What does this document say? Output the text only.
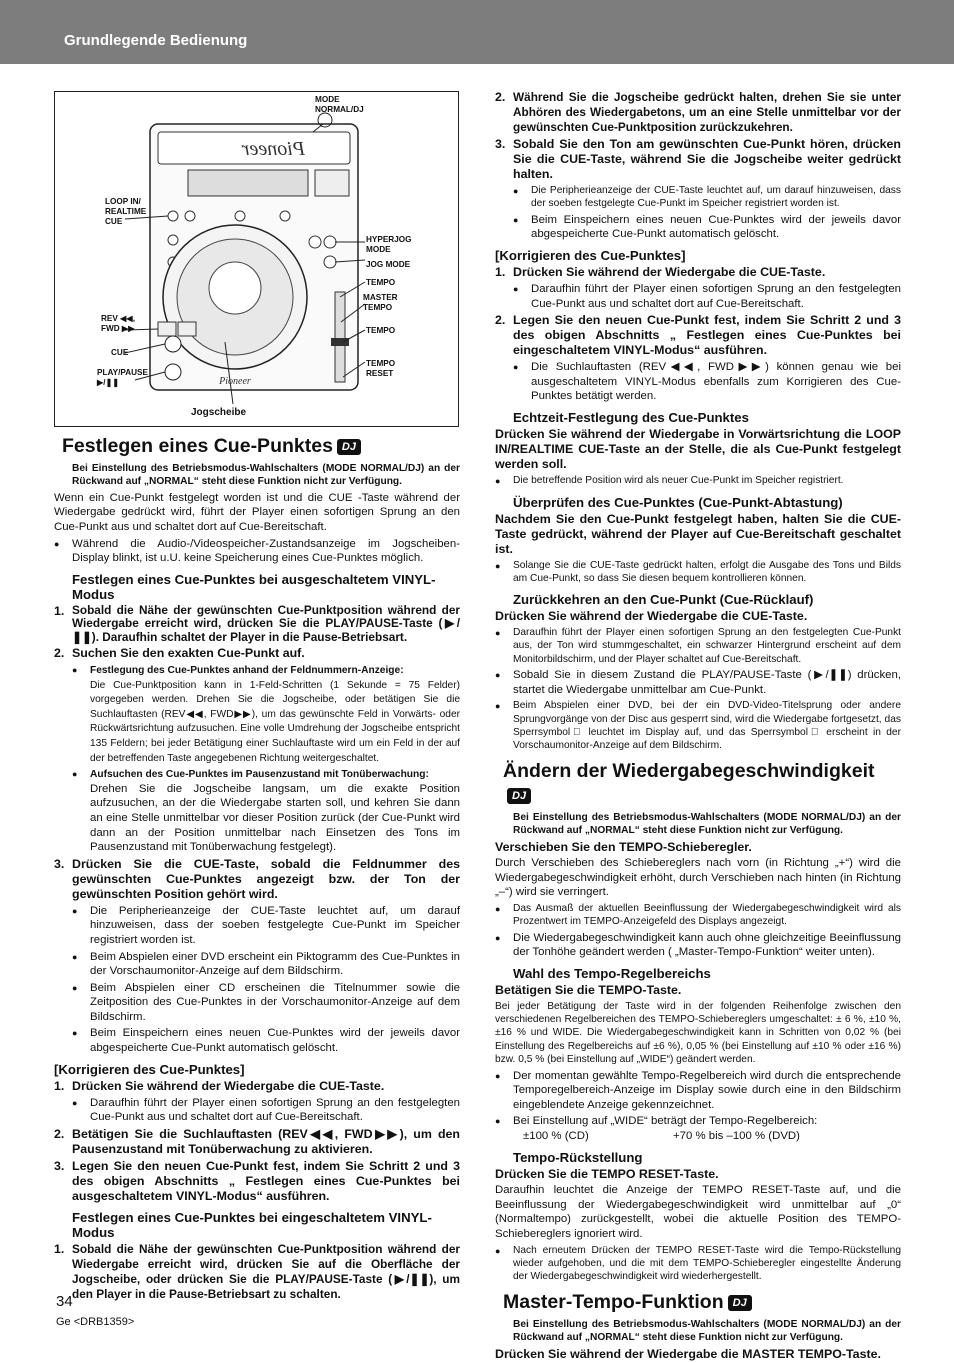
Grundlegende Bedienung
Pioneer
Pioneer
MODE
NORMAL/DJ
LOOP IN/
REALTIME
CUE
HYPERJOG
MODE
JOG MODE
TEMPO
MASTER
TEMPO
TEMPO
TEMPO
RESET
REV ◀◀,
FWD ▶▶
CUE
PLAY/PAUSE
▶/❚❚
Jogscheibe
Festlegen eines Cue-Punktes DJ
Bei Einstellung des Betriebsmodus-Wahlschalters (MODE NORMAL/DJ) an der Rückwand auf „NORMAL“ steht diese Funktion nicht zur Verfügung.
Wenn ein Cue-Punkt festgelegt worden ist und die CUE -Taste während der Wiedergabe gedrückt wird, führt der Player einen sofortigen Sprung an den Cue-Punkt aus und schaltet dort auf Cue-Bereitschaft.
●	Während die Audio-/Videospeicher-Zustandsanzeige im Jogscheiben-Display blinkt, ist u.U. keine Speicherung eines Cue-Punktes möglich.
Festlegen eines Cue-Punktes bei ausgeschaltetem VINYL-Modus
1. Sobald die Nähe der gewünschten Cue-Punktposition während der Wiedergabe erreicht wird, drücken Sie die PLAY/PAUSE-Taste (▶/❚❚). Daraufhin schaltet der Player in die Pause-Betriebsart.
2. Suchen Sie den exakten Cue-Punkt auf.
●	Festlegung des Cue-Punktes anhand der Feldnummern-Anzeige:
Die Cue-Punktposition kann in 1-Feld-Schritten (1 Sekunde = 75 Felder) vorgegeben werden. Drehen Sie die Jogscheibe, oder betätigen Sie die Suchlauftasten (REV◀◀, FWD▶▶), um das gewünschte Feld in Vorwärts- oder Rückwärtsrichtung aufzusuchen. Eine volle Umdrehung der Jogscheibe entspricht 135 Feldern; bei jeder Betätigung einer Suchlauftaste wird um ein Feld in der auf der betreffenden Taste angegebenen Richtung weitergeschaltet.
●	Aufsuchen des Cue-Punktes im Pausenzustand mit Tonüberwachung:
Drehen Sie die Jogscheibe langsam, um die exakte Position aufzusuchen, an der die Wiedergabe starten soll, und kehren Sie dann an eine Stelle unmittelbar vor dieser Position zurück (der Cue-Punkt wird dann an der Position unmittelbar nach Einsetzen des Tons im Pausenzustand mit Tonüberwachung festgelegt).
3. Drücken Sie die CUE-Taste, sobald die Feldnummer des gewünschten Cue-Punktes angezeigt bzw. der Ton der gewünschten Position gehört wird.
●	Die Peripherieanzeige der CUE-Taste leuchtet auf, um darauf hinzuweisen, dass der soeben festgelegte Cue-Punkt im Speicher registriert worden ist.
●	Beim Abspielen einer DVD erscheint ein Piktogramm des Cue-Punktes in der Vorschaumonitor-Anzeige auf dem Bildschirm.
●	Beim Abspielen einer CD erscheinen die Titelnummer sowie die Zeitposition des Cue-Punktes in der Vorschaumonitor-Anzeige auf dem Bildschirm.
●	Beim Einspeichern eines neuen Cue-Punktes wird der jeweils davor abgespeicherte Cue-Punkt automatisch gelöscht.
[Korrigieren des Cue-Punktes]
1. Drücken Sie während der Wiedergabe die CUE-Taste.
●	Daraufhin führt der Player einen sofortigen Sprung an den festgelegten Cue-Punkt aus und schaltet dort auf Cue-Bereitschaft.
2. Betätigen Sie die Suchlauftasten (REV◀◀, FWD▶▶), um den Pausenzustand mit Tonüberwachung zu aktivieren.
3. Legen Sie den neuen Cue-Punkt fest, indem Sie Schritt 2 und 3 des obigen Abschnitts „ Festlegen eines Cue-Punktes bei ausgeschaltetem VINYL-Modus“ ausführen.
Festlegen eines Cue-Punktes bei eingeschaltetem VINYL-Modus
1. Sobald die Nähe der gewünschten Cue-Punktposition während der Wiedergabe erreicht wird, drücken Sie auf die Oberfläche der Jogscheibe, oder drücken Sie die PLAY/PAUSE-Taste (▶/❚❚), um den Player in die Pause-Betriebsart zu schalten.
2. Während Sie die Jogscheibe gedrückt halten, drehen Sie sie unter Abhören des Wiedergabetons, um an eine Stelle unmittelbar vor der gewünschten Cue-Punktposition zurückzukehren.
3. Sobald Sie den Ton am gewünschten Cue-Punkt hören, drücken Sie die CUE-Taste, während Sie die Jogscheibe weiter gedrückt halten.
●	Die Peripherieanzeige der CUE-Taste leuchtet auf, um darauf hinzuweisen, dass der soeben festgelegte Cue-Punkt im Speicher registriert worden ist.
●	Beim Einspeichern eines neuen Cue-Punktes wird der jeweils davor abgespeicherte Cue-Punkt automatisch gelöscht.
[Korrigieren des Cue-Punktes]
1. Drücken Sie während der Wiedergabe die CUE-Taste.
●	Daraufhin führt der Player einen sofortigen Sprung an den festgelegten Cue-Punkt aus und schaltet dort auf Cue-Bereitschaft.
2. Legen Sie den neuen Cue-Punkt fest, indem Sie Schritt 2 und 3 des obigen Abschnitts „ Festlegen eines Cue-Punktes bei eingeschaltetem VINYL-Modus“ ausführen.
●	Die Suchlauftasten (REV◀◀, FWD▶▶) können genau wie bei ausgeschaltetem VINYL-Modus ebenfalls zum Korrigieren des Cue-Punktes betätigt werden.
Echtzeit-Festlegung des Cue-Punktes
Drücken Sie während der Wiedergabe in Vorwärtsrichtung die LOOP IN/REALTIME CUE-Taste an der Stelle, die als Cue-Punkt festgelegt werden soll.
●	Die betreffende Position wird als neuer Cue-Punkt im Speicher registriert.
Überprüfen des Cue-Punktes (Cue-Punkt-Abtastung)
Nachdem Sie den Cue-Punkt festgelegt haben, halten Sie die CUE-Taste gedrückt, während der Player auf Cue-Bereitschaft geschaltet ist.
●	Solange Sie die CUE-Taste gedrückt halten, erfolgt die Ausgabe des Tons und Bilds am Cue-Punkt, so dass Sie diesen bequem kontrollieren können.
Zurückkehren an den Cue-Punkt (Cue-Rücklauf)
Drücken Sie während der Wiedergabe die CUE-Taste.
●	Daraufhin führt der Player einen sofortigen Sprung an den festgelegten Cue-Punkt aus, der Ton wird stummgeschaltet, ein schwarzer Hintergrund erscheint auf dem Monitorbildschirm, und der Player schaltet auf Cue-Bereitschaft.
●	Sobald Sie in diesem Zustand die PLAY/PAUSE-Taste (▶/❚❚) drücken, startet die Wiedergabe unmittelbar am Cue-Punkt.
●	Beim Abspielen einer DVD, bei der ein DVD-Video-Titelsprung oder andere Sprungvorgänge von der Disc aus gesperrt sind, wird die Wiedergabe fortgesetzt, das Sperrsymbol ⃠ leuchtet im Display auf, und das Sperrsymbol ⃠ erscheint in der Vorschaumonitor-Anzeige auf dem Bildschirm.
Ändern der WiedergabegeschwindigkeitDJ
Bei Einstellung des Betriebsmodus-Wahlschalters (MODE NORMAL/DJ) an der Rückwand auf „NORMAL“ steht diese Funktion nicht zur Verfügung.
Verschieben Sie den TEMPO-Schieberegler.
Durch Verschieben des Schiebereglers nach vorn (in Richtung „+“) wird die Wiedergabegeschwindigkeit erhöht, durch Verschieben nach hinten (in Richtung „–“) wird sie verringert.
●	Das Ausmaß der aktuellen Beeinflussung der Wiedergabegeschwindigkeit wird als Prozentwert im TEMPO-Anzeigefeld des Displays angezeigt.
●	Die Wiedergabegeschwindigkeit kann auch ohne gleichzeitige Beeinflussung der Tonhöhe geändert werden ( „Master-Tempo-Funktion“ weiter unten).
Wahl des Tempo-Regelbereichs
Betätigen Sie die TEMPO-Taste.
Bei jeder Betätigung der Taste wird in der folgenden Reihenfolge zwischen den verschiedenen Regelbereichen des TEMPO-Schiebereglers umgeschaltet: ± 6 %, ±10 %, ±16 % und WIDE. Die Wiedergabegeschwindigkeit kann in Schritten von 0,02 % (bei Einstellung des Regelbereichs auf ±6 %), 0,05 % (bei Einstellung auf ±10 % oder ±16 %) bzw. 0,5 % (bei Einstellung auf „WIDE“) geändert werden.
●	Der momentan gewählte Tempo-Regelbereich wird durch die entsprechende Temporegelbereich-Anzeige im Display sowie durch eine in den Bildschirm eingeblendete Anzeige gekennzeichnet.
●	Bei Einstellung auf „WIDE“ beträgt der Tempo-Regelbereich:
±100 % (CD)	+70 % bis –100 % (DVD)
Tempo-Rückstellung
Drücken Sie die TEMPO RESET-Taste.
Daraufhin leuchtet die Anzeige der TEMPO RESET-Taste auf, und die Beeinflussung der Wiedergabegeschwindigkeit wird unmittelbar auf „0“ (Normaltempo) zurückgestellt, wobei die aktuelle Position des TEMPO-Schiebereglers ignoriert wird.
●	Nach erneutem Drücken der TEMPO RESET-Taste wird die Tempo-Rückstellung wieder aufgehoben, und die mit dem TEMPO-Schieberegler eingestellte Änderung der Wiedergabegeschwindigkeit wird wiederhergestellt.
Master-Tempo-Funktion DJ
Bei Einstellung des Betriebsmodus-Wahlschalters (MODE NORMAL/DJ) an der Rückwand auf „NORMAL“ steht diese Funktion nicht zur Verfügung.
Drücken Sie während der Wiedergabe die MASTER TEMPO-Taste.
34
Ge <DRB1359>
